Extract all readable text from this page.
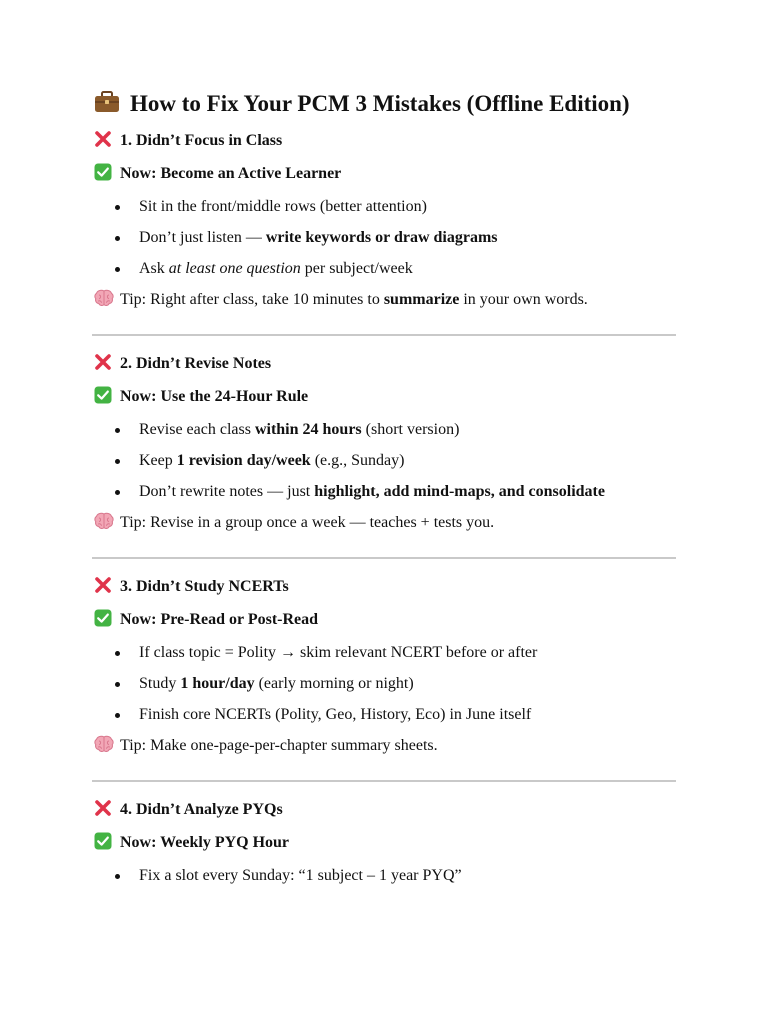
How to Fix Your PCM 3 Mistakes (Offline Edition)
1. Didn’t Focus in Class
Now: Become an Active Learner
Sit in the front/middle rows (better attention)
Don’t just listen — write keywords or draw diagrams
Ask at least one question per subject/week
Tip: Right after class, take 10 minutes to summarize in your own words.
2. Didn’t Revise Notes
Now: Use the 24-Hour Rule
Revise each class within 24 hours (short version)
Keep 1 revision day/week (e.g., Sunday)
Don’t rewrite notes — just highlight, add mind-maps, and consolidate
Tip: Revise in a group once a week — teaches + tests you.
3. Didn’t Study NCERTs
Now: Pre-Read or Post-Read
If class topic = Polity → skim relevant NCERT before or after
Study 1 hour/day (early morning or night)
Finish core NCERTs (Polity, Geo, History, Eco) in June itself
Tip: Make one-page-per-chapter summary sheets.
4. Didn’t Analyze PYQs
Now: Weekly PYQ Hour
Fix a slot every Sunday: “1 subject – 1 year PYQ”
